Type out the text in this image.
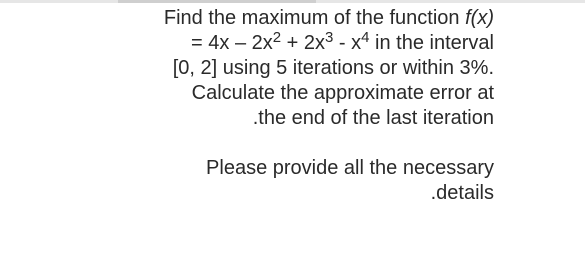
Find the maximum of the function f(x)
= $4x - 2x^2 + 2x^3 - x^4$ in the interval
[0, 2] using 5 iterations or within 3%.
Calculate the approximate error at
.the end of the last iteration
Please provide all the necessary
.details
